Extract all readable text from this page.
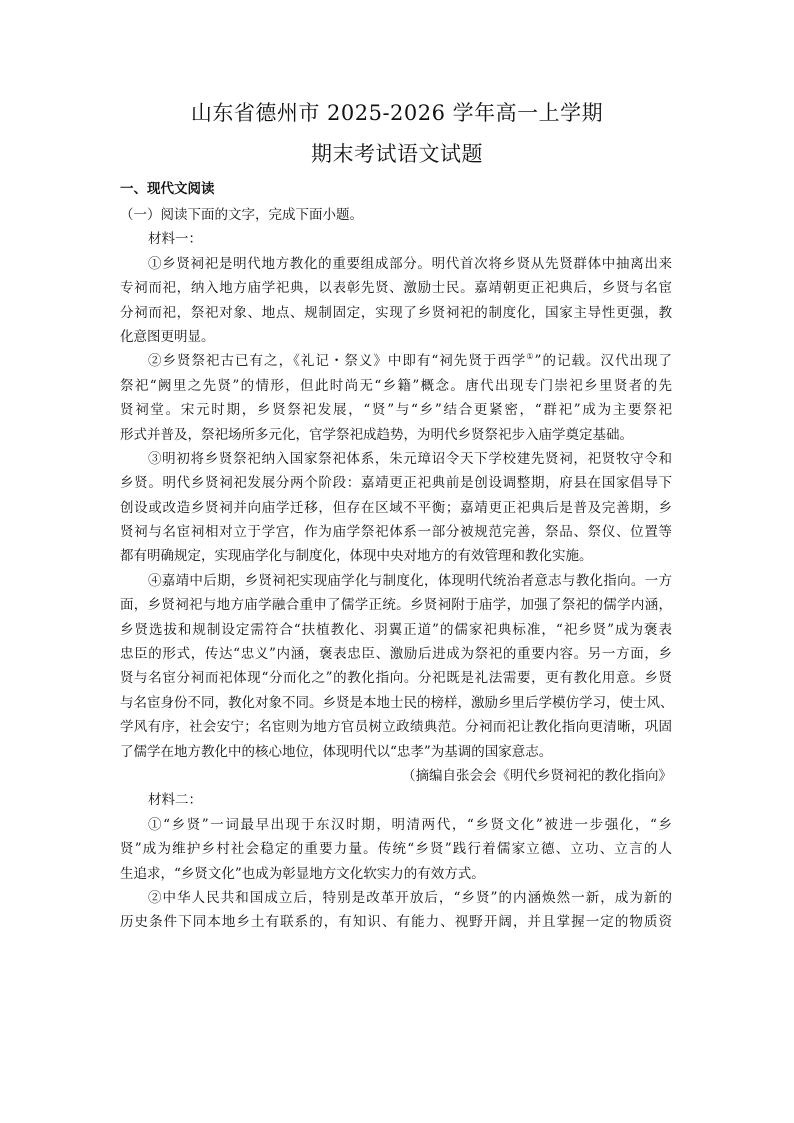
山东省德州市 2025-2026 学年高一上学期
期末考试语文试题
一、现代文阅读
（一）阅读下面的文字，完成下面小题。
材料一：
①乡贤祠祀是明代地方教化的重要组成部分。明代首次将乡贤从先贤群体中抽离出来
专祠而祀，纳入地方庙学祀典，以表彰先贤、激励士民。嘉靖朝更正祀典后，乡贤与名宦
分祠而祀，祭祀对象、地点、规制固定，实现了乡贤祠祀的制度化，国家主导性更强，教
化意图更明显。
②乡贤祭祀古已有之，《礼记・祭义》中即有“祠先贤于西学①”的记载。汉代出现了
祭祀“阙里之先贤”的情形，但此时尚无“乡籍”概念。唐代出现专门崇祀乡里贤者的先
贤祠堂。宋元时期，乡贤祭祀发展，“贤”与“乡”结合更紧密，“群祀”成为主要祭祀
形式并普及，祭祀场所多元化，官学祭祀成趋势，为明代乡贤祭祀步入庙学奠定基础。
③明初将乡贤祭祀纳入国家祭祀体系，朱元璋诏令天下学校建先贤祠，祀贤牧守令和
乡贤。明代乡贤祠祀发展分两个阶段：嘉靖更正祀典前是创设调整期，府县在国家倡导下
创设或改造乡贤祠并向庙学迁移，但存在区域不平衡；嘉靖更正祀典后是普及完善期，乡
贤祠与名宦祠相对立于学宫，作为庙学祭祀体系一部分被规范完善，祭品、祭仪、位置等
都有明确规定，实现庙学化与制度化，体现中央对地方的有效管理和教化实施。
④嘉靖中后期，乡贤祠祀实现庙学化与制度化，体现明代统治者意志与教化指向。一方
面，乡贤祠祀与地方庙学融合重申了儒学正统。乡贤祠附于庙学，加强了祭祀的儒学内涵，
乡贤选拔和规制设定需符合“扶植教化、羽翼正道”的儒家祀典标准，“祀乡贤”成为褒表
忠臣的形式，传达“忠义”内涵，褒表忠臣、激励后进成为祭祀的重要内容。另一方面，乡
贤与名宦分祠而祀体现“分而化之”的教化指向。分祀既是礼法需要，更有教化用意。乡贤
与名宦身份不同，教化对象不同。乡贤是本地士民的榜样，激励乡里后学模仿学习，使士风、
学风有序，社会安宁；名宦则为地方官员树立政绩典范。分祠而祀让教化指向更清晰，巩固
了儒学在地方教化中的核心地位，体现明代以“忠孝”为基调的国家意志。
（摘编自张会会《明代乡贤祠祀的教化指向》
材料二：
①“乡贤”一词最早出现于东汉时期，明清两代，“乡贤文化”被进一步强化，“乡
贤”成为维护乡村社会稳定的重要力量。传统“乡贤”践行着儒家立德、立功、立言的人
生追求，“乡贤文化”也成为彰显地方文化软实力的有效方式。
②中华人民共和国成立后，特别是改革开放后，“乡贤”的内涵焕然一新，成为新的
历史条件下同本地乡土有联系的，有知识、有能力、视野开阔，并且掌握一定的物质资
